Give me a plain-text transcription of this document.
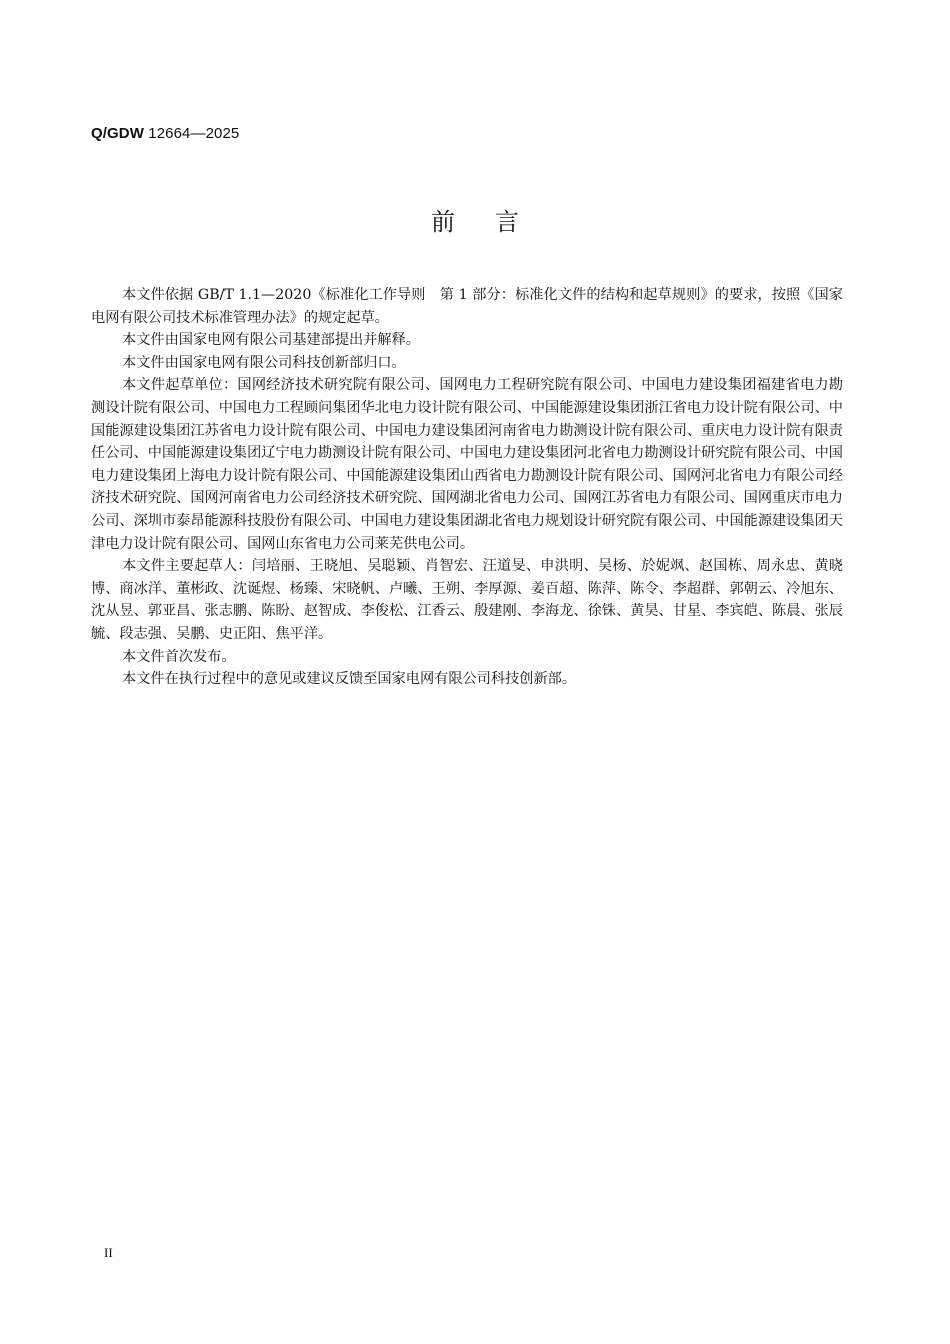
Q/GDW 12664—2025
前言

本文件依据 GB/T 1.1—2020《标准化工作导则　第 1 部分：标准化文件的结构和起草规则》的要求，按照《国家电网有限公司技术标准管理办法》的规定起草。

本文件由国家电网有限公司基建部提出并解释。

本文件由国家电网有限公司科技创新部归口。

本文件起草单位：国网经济技术研究院有限公司、国网电力工程研究院有限公司、中国电力建设集团福建省电力勘测设计院有限公司、中国电力工程顾问集团华北电力设计院有限公司、中国能源建设集团浙江省电力设计院有限公司、中国能源建设集团江苏省电力设计院有限公司、中国电力建设集团河南省电力勘测设计院有限公司、重庆电力设计院有限责任公司、中国能源建设集团辽宁电力勘测设计院有限公司、中国电力建设集团河北省电力勘测设计研究院有限公司、中国电力建设集团上海电力设计院有限公司、中国能源建设集团山西省电力勘测设计院有限公司、国网河北省电力有限公司经济技术研究院、国网河南省电力公司经济技术研究院、国网湖北省电力公司、国网江苏省电力有限公司、国网重庆市电力公司、深圳市泰昂能源科技股份有限公司、中国电力建设集团湖北省电力规划设计研究院有限公司、中国能源建设集团天津电力设计院有限公司、国网山东省电力公司莱芜供电公司。

本文件主要起草人：闫培丽、王晓旭、吴聪颖、肖智宏、汪道旻、申洪明、吴杨、於妮飒、赵国栋、周永忠、黄晓博、商冰洋、董彬政、沈诞煜、杨臻、宋晓帆、卢曦、王朔、李厚源、姜百超、陈萍、陈令、李超群、郭朝云、冷旭东、沈从昱、郭亚昌、张志鹏、陈盼、赵智成、李俊松、江香云、殷建刚、李海龙、徐铢、黄昊、甘星、李宾皑、陈晨、张辰毓、段志强、吴鹏、史正阳、焦平洋。

本文件首次发布。

本文件在执行过程中的意见或建议反馈至国家电网有限公司科技创新部。

II
